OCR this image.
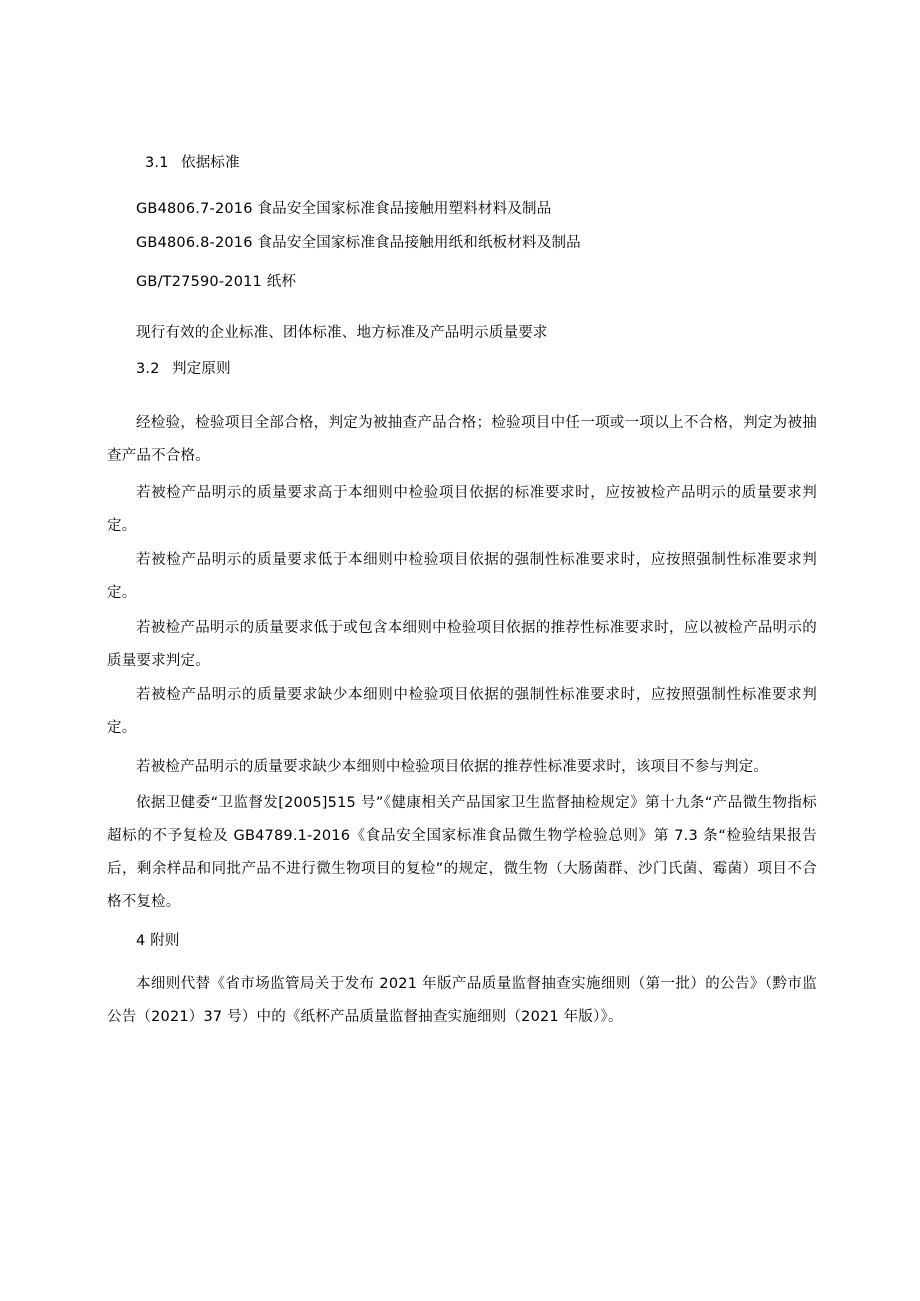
3.1 依据标准
GB4806.7-2016 食品安全国家标准食品接触用塑料材料及制品
GB4806.8-2016 食品安全国家标准食品接触用纸和纸板材料及制品
GB/T27590-2011 纸杯
现行有效的企业标准、团体标准、地方标准及产品明示质量要求
3.2 判定原则
经检验，检验项目全部合格，判定为被抽查产品合格；检验项目中任一项或一项以上不合格，判定为被抽查产品不合格。
若被检产品明示的质量要求高于本细则中检验项目依据的标准要求时，应按被检产品明示的质量要求判定。
若被检产品明示的质量要求低于本细则中检验项目依据的强制性标准要求时，应按照强制性标准要求判定。
若被检产品明示的质量要求低于或包含本细则中检验项目依据的推荐性标准要求时，应以被检产品明示的质量要求判定。
若被检产品明示的质量要求缺少本细则中检验项目依据的强制性标准要求时，应按照强制性标准要求判定。
若被检产品明示的质量要求缺少本细则中检验项目依据的推荐性标准要求时，该项目不参与判定。
依据卫健委“卫监督发[2005]515 号”《健康相关产品国家卫生监督抽检规定》第十九条“产品微生物指标超标的不予复检及 GB4789.1-2016《食品安全国家标准食品微生物学检验总则》第 7.3 条“检验结果报告后，剩余样品和同批产品不进行微生物项目的复检”的规定，微生物（大肠菌群、沙门氏菌、霉菌）项目不合格不复检。
4 附则
本细则代替《省市场监管局关于发布 2021 年版产品质量监督抽查实施细则（第一批）的公告》（黔市监公告（2021）37 号）中的《纸杯产品质量监督抽查实施细则（2021 年版）》。
